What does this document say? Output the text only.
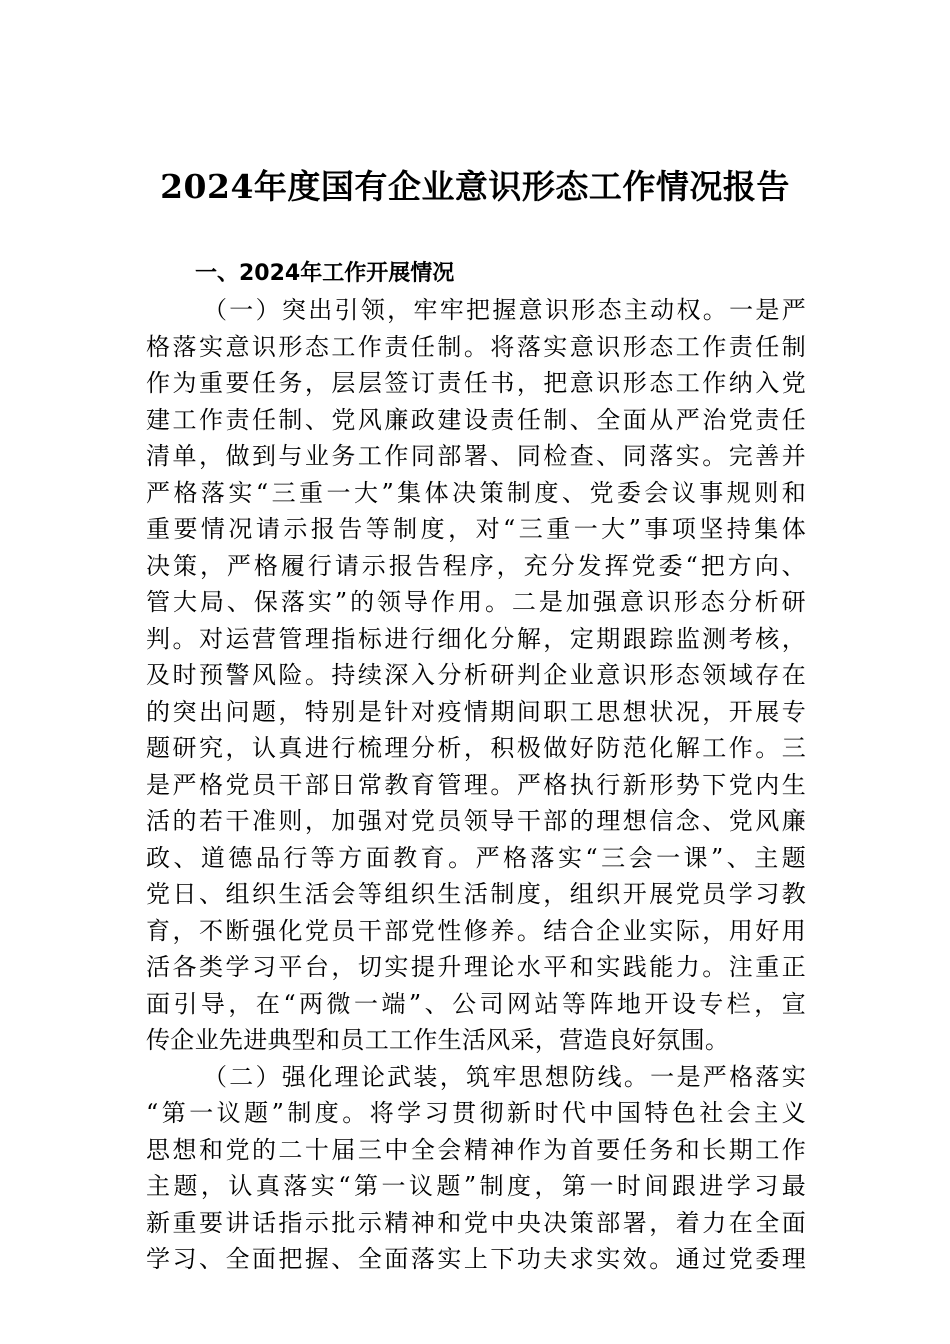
2024年度国有企业意识形态工作情况报告
一、2024年工作开展情况
（一）突出引领，牢牢把握意识形态主动权。一是严
格落实意识形态工作责任制。将落实意识形态工作责任制
作为重要任务，层层签订责任书，把意识形态工作纳入党
建工作责任制、党风廉政建设责任制、全面从严治党责任
清单，做到与业务工作同部署、同检查、同落实。完善并
严格落实“三重一大”集体决策制度、党委会议事规则和
重要情况请示报告等制度，对“三重一大”事项坚持集体
决策，严格履行请示报告程序，充分发挥党委“把方向、
管大局、保落实”的领导作用。二是加强意识形态分析研
判。对运营管理指标进行细化分解，定期跟踪监测考核，
及时预警风险。持续深入分析研判企业意识形态领域存在
的突出问题，特别是针对疫情期间职工思想状况，开展专
题研究，认真进行梳理分析，积极做好防范化解工作。三
是严格党员干部日常教育管理。严格执行新形势下党内生
活的若干准则，加强对党员领导干部的理想信念、党风廉
政、道德品行等方面教育。严格落实“三会一课”、主题
党日、组织生活会等组织生活制度，组织开展党员学习教
育，不断强化党员干部党性修养。结合企业实际，用好用
活各类学习平台，切实提升理论水平和实践能力。注重正
面引导，在“两微一端”、公司网站等阵地开设专栏，宣
传企业先进典型和员工工作生活风采，营造良好氛围。
（二）强化理论武装，筑牢思想防线。一是严格落实
“第一议题”制度。将学习贯彻新时代中国特色社会主义
思想和党的二十届三中全会精神作为首要任务和长期工作
主题，认真落实“第一议题”制度，第一时间跟进学习最
新重要讲话指示批示精神和党中央决策部署，着力在全面
学习、全面把握、全面落实上下功夫求实效。通过党委理
